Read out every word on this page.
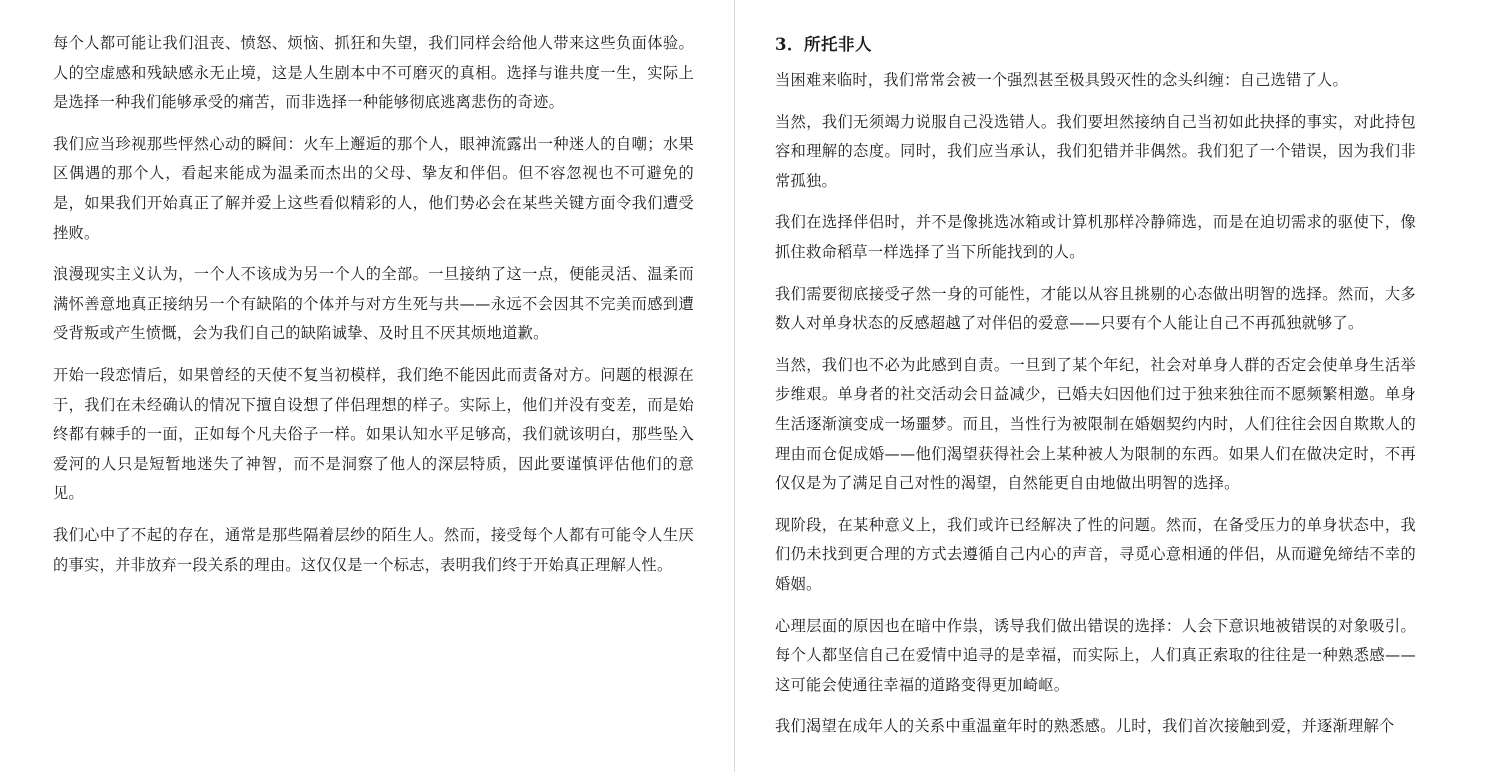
每个人都可能让我们沮丧、愤怒、烦恼、抓狂和失望，我们同样会给他人带来这些负面体验。人的空虚感和残缺感永无止境，这是人生剧本中不可磨灭的真相。选择与谁共度一生，实际上是选择一种我们能够承受的痛苦，而非选择一种能够彻底逃离悲伤的奇迹。

我们应当珍视那些怦然心动的瞬间：火车上邂逅的那个人，眼神流露出一种迷人的自嘲；水果区偶遇的那个人，看起来能成为温柔而杰出的父母、挚友和伴侣。但不容忽视也不可避免的是，如果我们开始真正了解并爱上这些看似精彩的人，他们势必会在某些关键方面令我们遭受挫败。

浪漫现实主义认为，一个人不该成为另一个人的全部。一旦接纳了这一点，便能灵活、温柔而满怀善意地真正接纳另一个有缺陷的个体并与对方生死与共——永远不会因其不完美而感到遭受背叛或产生愤慨，会为我们自己的缺陷诚挚、及时且不厌其烦地道歉。

开始一段恋情后，如果曾经的天使不复当初模样，我们绝不能因此而责备对方。问题的根源在于，我们在未经确认的情况下擅自设想了伴侣理想的样子。实际上，他们并没有变差，而是始终都有棘手的一面，正如每个凡夫俗子一样。如果认知水平足够高，我们就该明白，那些坠入爱河的人只是短暂地迷失了神智，而不是洞察了他人的深层特质，因此要谨慎评估他们的意见。

我们心中了不起的存在，通常是那些隔着层纱的陌生人。然而，接受每个人都有可能令人生厌的事实，并非放弃一段关系的理由。这仅仅是一个标志，表明我们终于开始真正理解人性。

3．所托非人

当困难来临时，我们常常会被一个强烈甚至极具毁灭性的念头纠缠：自己选错了人。

当然，我们无须竭力说服自己没选错人。我们要坦然接纳自己当初如此抉择的事实，对此持包容和理解的态度。同时，我们应当承认，我们犯错并非偶然。我们犯了一个错误，因为我们非常孤独。

我们在选择伴侣时，并不是像挑选冰箱或计算机那样冷静筛选，而是在迫切需求的驱使下，像抓住救命稻草一样选择了当下所能找到的人。

我们需要彻底接受孑然一身的可能性，才能以从容且挑剔的心态做出明智的选择。然而，大多数人对单身状态的反感超越了对伴侣的爱意——只要有个人能让自己不再孤独就够了。

当然，我们也不必为此感到自责。一旦到了某个年纪，社会对单身人群的否定会使单身生活举步维艰。单身者的社交活动会日益减少，已婚夫妇因他们过于独来独往而不愿频繁相邀。单身生活逐渐演变成一场噩梦。而且，当性行为被限制在婚姻契约内时，人们往往会因自欺欺人的理由而仓促成婚——他们渴望获得社会上某种被人为限制的东西。如果人们在做决定时，不再仅仅是为了满足自己对性的渴望，自然能更自由地做出明智的选择。

现阶段，在某种意义上，我们或许已经解决了性的问题。然而，在备受压力的单身状态中，我们仍未找到更合理的方式去遵循自己内心的声音，寻觅心意相通的伴侣，从而避免缔结不幸的婚姻。

心理层面的原因也在暗中作祟，诱导我们做出错误的选择：人会下意识地被错误的对象吸引。每个人都坚信自己在爱情中追寻的是幸福，而实际上，人们真正索取的往往是一种熟悉感——这可能会使通往幸福的道路变得更加崎岖。

我们渴望在成年人的关系中重温童年时的熟悉感。儿时，我们首次接触到爱，并逐渐理解个
